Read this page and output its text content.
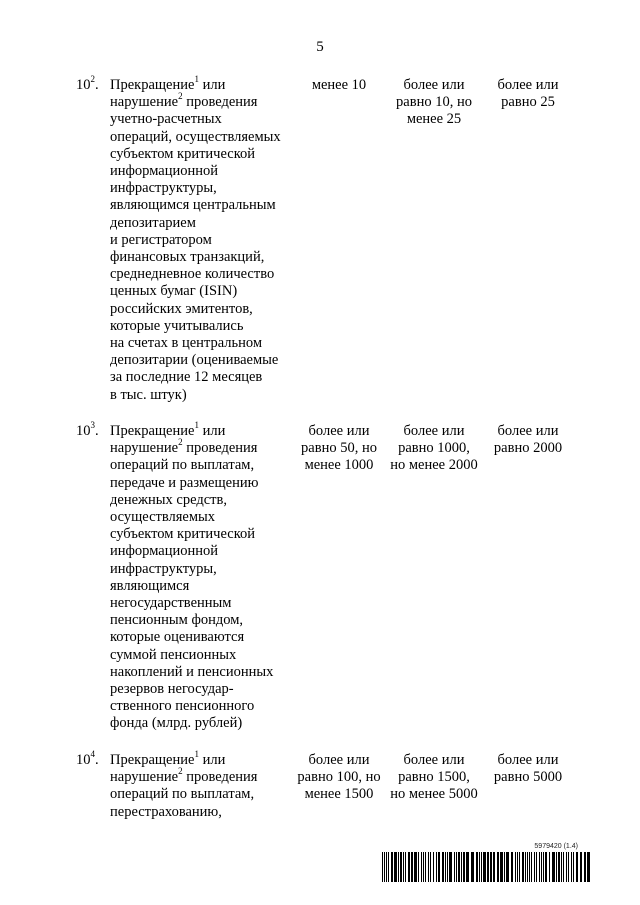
5
$10^2$. Прекращение$^1$ или
нарушение$^2$ проведения
учетно-расчетных
операций, осуществляемых
субъектом критической
информационной
инфраструктуры,
являющимся центральным
депозитарием
и регистратором
финансовых транзакций,
среднедневное количество
ценных бумаг (ISIN)
российских эмитентов,
которые учитывались
на счетах в центральном
депозитарии (оцениваемые
за последние 12 месяцев
в тыс. штук)
менее 10	более или
равно 10, но
менее 25
более или
равно 25
$10^3$. Прекращение$^1$ или
нарушение$^2$ проведения
операций по выплатам,
передаче и размещению
денежных средств,
осуществляемых
субъектом критической
информационной
инфраструктуры,
являющимся
негосударственным
пенсионным фондом,
которые оцениваются
суммой пенсионных
накоплений и пенсионных
резервов негосудар-
ственного пенсионного
фонда (млрд. рублей)
более или
равно 50, но
менее 1000
более или
равно 1000,
но менее 2000
более или
равно 2000
$10^4$. Прекращение$^1$ или
нарушение$^2$ проведения
операций по выплатам,
перестрахованию,
более или
равно 100, но
менее 1500
более или
равно 1500,
но менее 5000
более или
равно 5000
5979420 (1.4)
